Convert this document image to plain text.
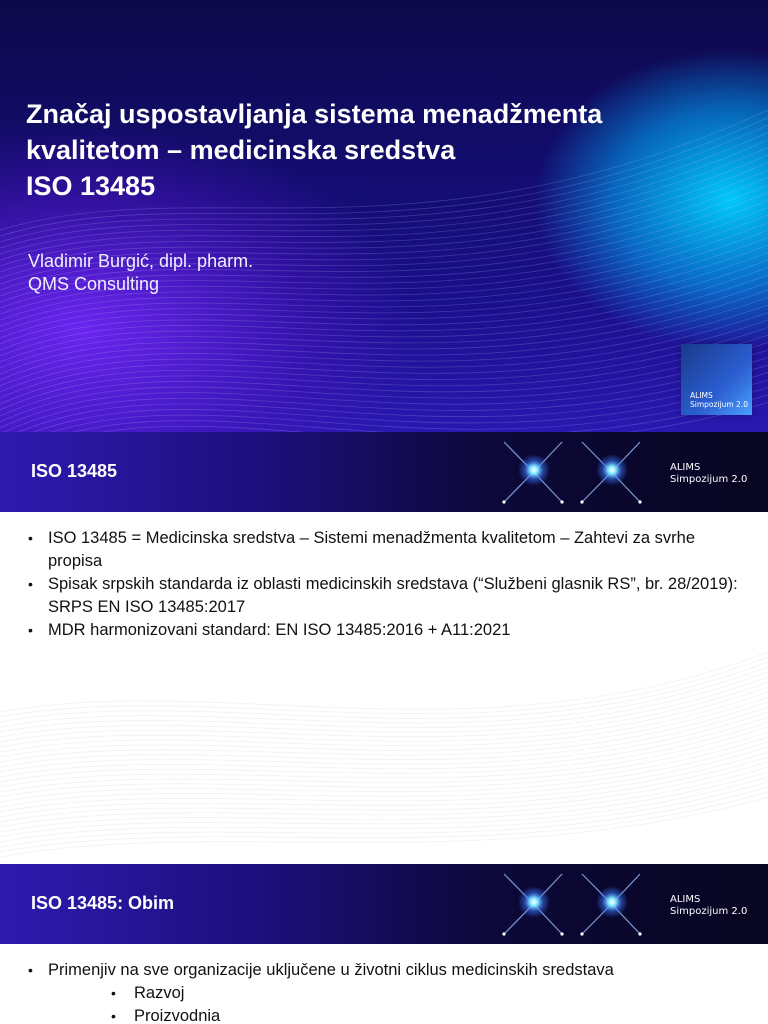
Značaj uspostavljanja sistema menadžmenta
kvalitetom – medicinska sredstva
ISO 13485
Vladimir Burgić, dipl. pharm.
QMS Consulting
ALIMS
Simpozijum 2.0
ISO 13485	ALIMS
Simpozijum 2.0
• ISO 13485 = Medicinska sredstva – Sistemi menadžmenta kvalitetom – Zahtevi za svrhe propisa
• Spisak srpskih standarda iz oblasti medicinskih sredstava (“Službeni glasnik RS”, br. 28/2019): SRPS EN ISO 13485:2017
• MDR harmonizovani standard: EN ISO 13485:2016 + A11:2021
ISO 13485: Obim	ALIMS
Simpozijum 2.0
• Primenjiv na sve organizacije uključene u životni ciklus medicinskih sredstava
• Razvoj
• Proizvodnia
